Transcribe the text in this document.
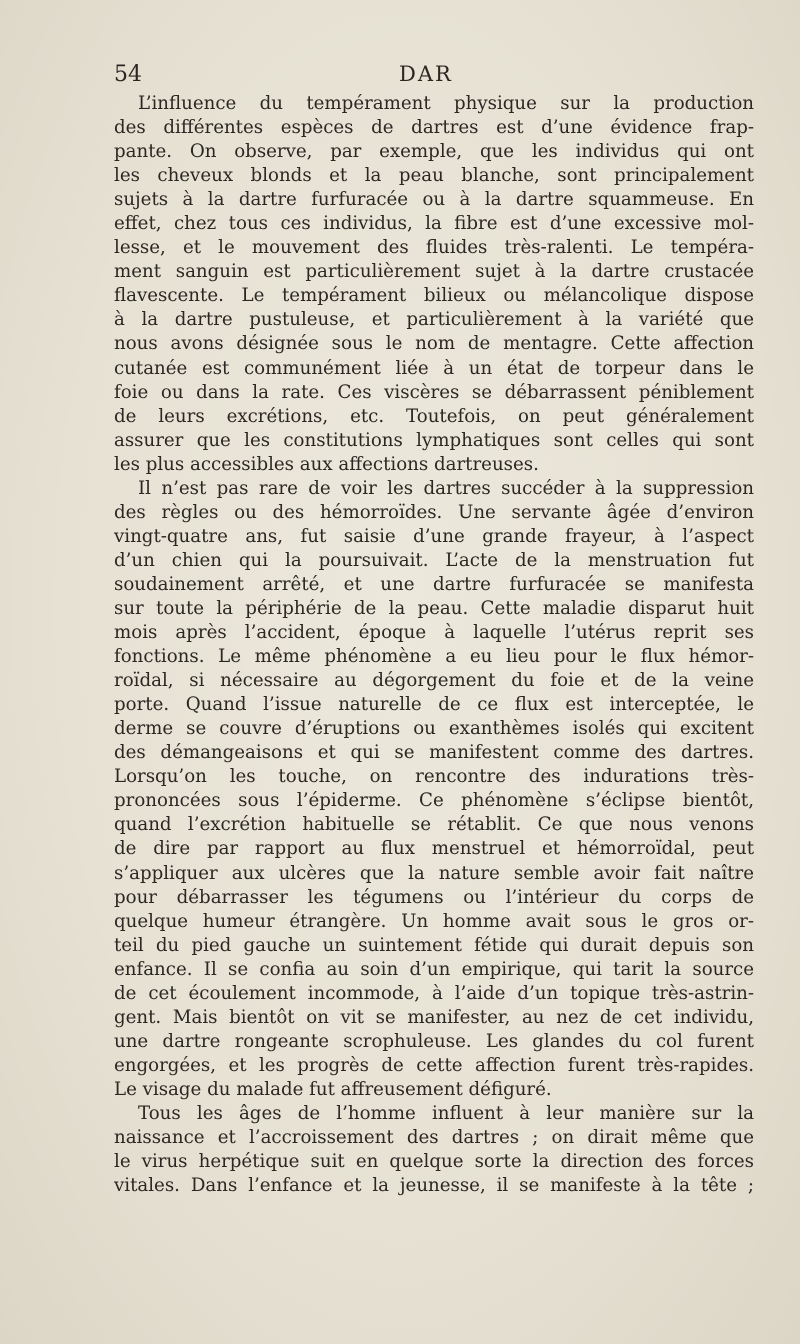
54	DAR
L’influence du tempérament physique sur la production
des différentes espèces de dartres est d’une évidence frap-
pante. On observe, par exemple, que les individus qui ont
les cheveux blonds et la peau blanche, sont principalement
sujets à la dartre furfuracée ou à la dartre squammeuse. En
effet, chez tous ces individus, la fibre est d’une excessive mol-
lesse, et le mouvement des fluides très-ralenti. Le tempéra-
ment sanguin est particulièrement sujet à la dartre crustacée
flavescente. Le tempérament bilieux ou mélancolique dispose
à la dartre pustuleuse, et particulièrement à la variété que
nous avons désignée sous le nom de mentagre. Cette affection
cutanée est communément liée à un état de torpeur dans le
foie ou dans la rate. Ces viscères se débarrassent péniblement
de leurs excrétions, etc. Toutefois, on peut généralement
assurer que les constitutions lymphatiques sont celles qui sont
les plus accessibles aux affections dartreuses.
Il n’est pas rare de voir les dartres succéder à la suppression
des règles ou des hémorroïdes. Une servante âgée d’environ
vingt-quatre ans, fut saisie d’une grande frayeur, à l’aspect
d’un chien qui la poursuivait. L’acte de la menstruation fut
soudainement arrêté, et une dartre furfuracée se manifesta
sur toute la périphérie de la peau. Cette maladie disparut huit
mois après l’accident, époque à laquelle l’utérus reprit ses
fonctions. Le même phénomène a eu lieu pour le flux hémor-
roïdal, si nécessaire au dégorgement du foie et de la veine
porte. Quand l’issue naturelle de ce flux est interceptée, le
derme se couvre d’éruptions ou exanthèmes isolés qui excitent
des démangeaisons et qui se manifestent comme des dartres.
Lorsqu’on les touche, on rencontre des indurations très-
prononcées sous l’épiderme. Ce phénomène s’éclipse bientôt,
quand l’excrétion habituelle se rétablit. Ce que nous venons
de dire par rapport au flux menstruel et hémorroïdal, peut
s’appliquer aux ulcères que la nature semble avoir fait naître
pour débarrasser les tégumens ou l’intérieur du corps de
quelque humeur étrangère. Un homme avait sous le gros or-
teil du pied gauche un suintement fétide qui durait depuis son
enfance. Il se confia au soin d’un empirique, qui tarit la source
de cet écoulement incommode, à l’aide d’un topique très-astrin-
gent. Mais bientôt on vit se manifester, au nez de cet individu,
une dartre rongeante scrophuleuse. Les glandes du col furent
engorgées, et les progrès de cette affection furent très-rapides.
Le visage du malade fut affreusement défiguré.
Tous les âges de l’homme influent à leur manière sur la
naissance et l’accroissement des dartres ; on dirait même que
le virus herpétique suit en quelque sorte la direction des forces
vitales. Dans l’enfance et la jeunesse, il se manifeste à la tête ;
